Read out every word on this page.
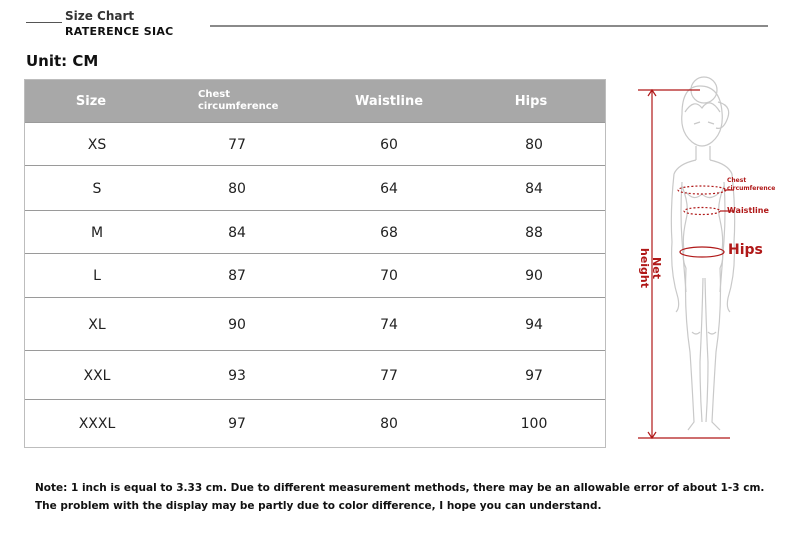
Size Chart
RATERENCE SIAC
Unit: CM
Size	Chest circumference	Waistline	Hips
XS	77	60	80
S	80	64	84
M	84	68	88
L	87	70	90
XL	90	74	94
XXL	93	77	97
XXXL	97	80	100
Chest circumference
Waistline
Hips
Net height
Note: 1 inch is equal to 3.33 cm. Due to different measurement methods, there may be an allowable error of about 1-3 cm.
The problem with the display may be partly due to color difference, I hope you can understand.
